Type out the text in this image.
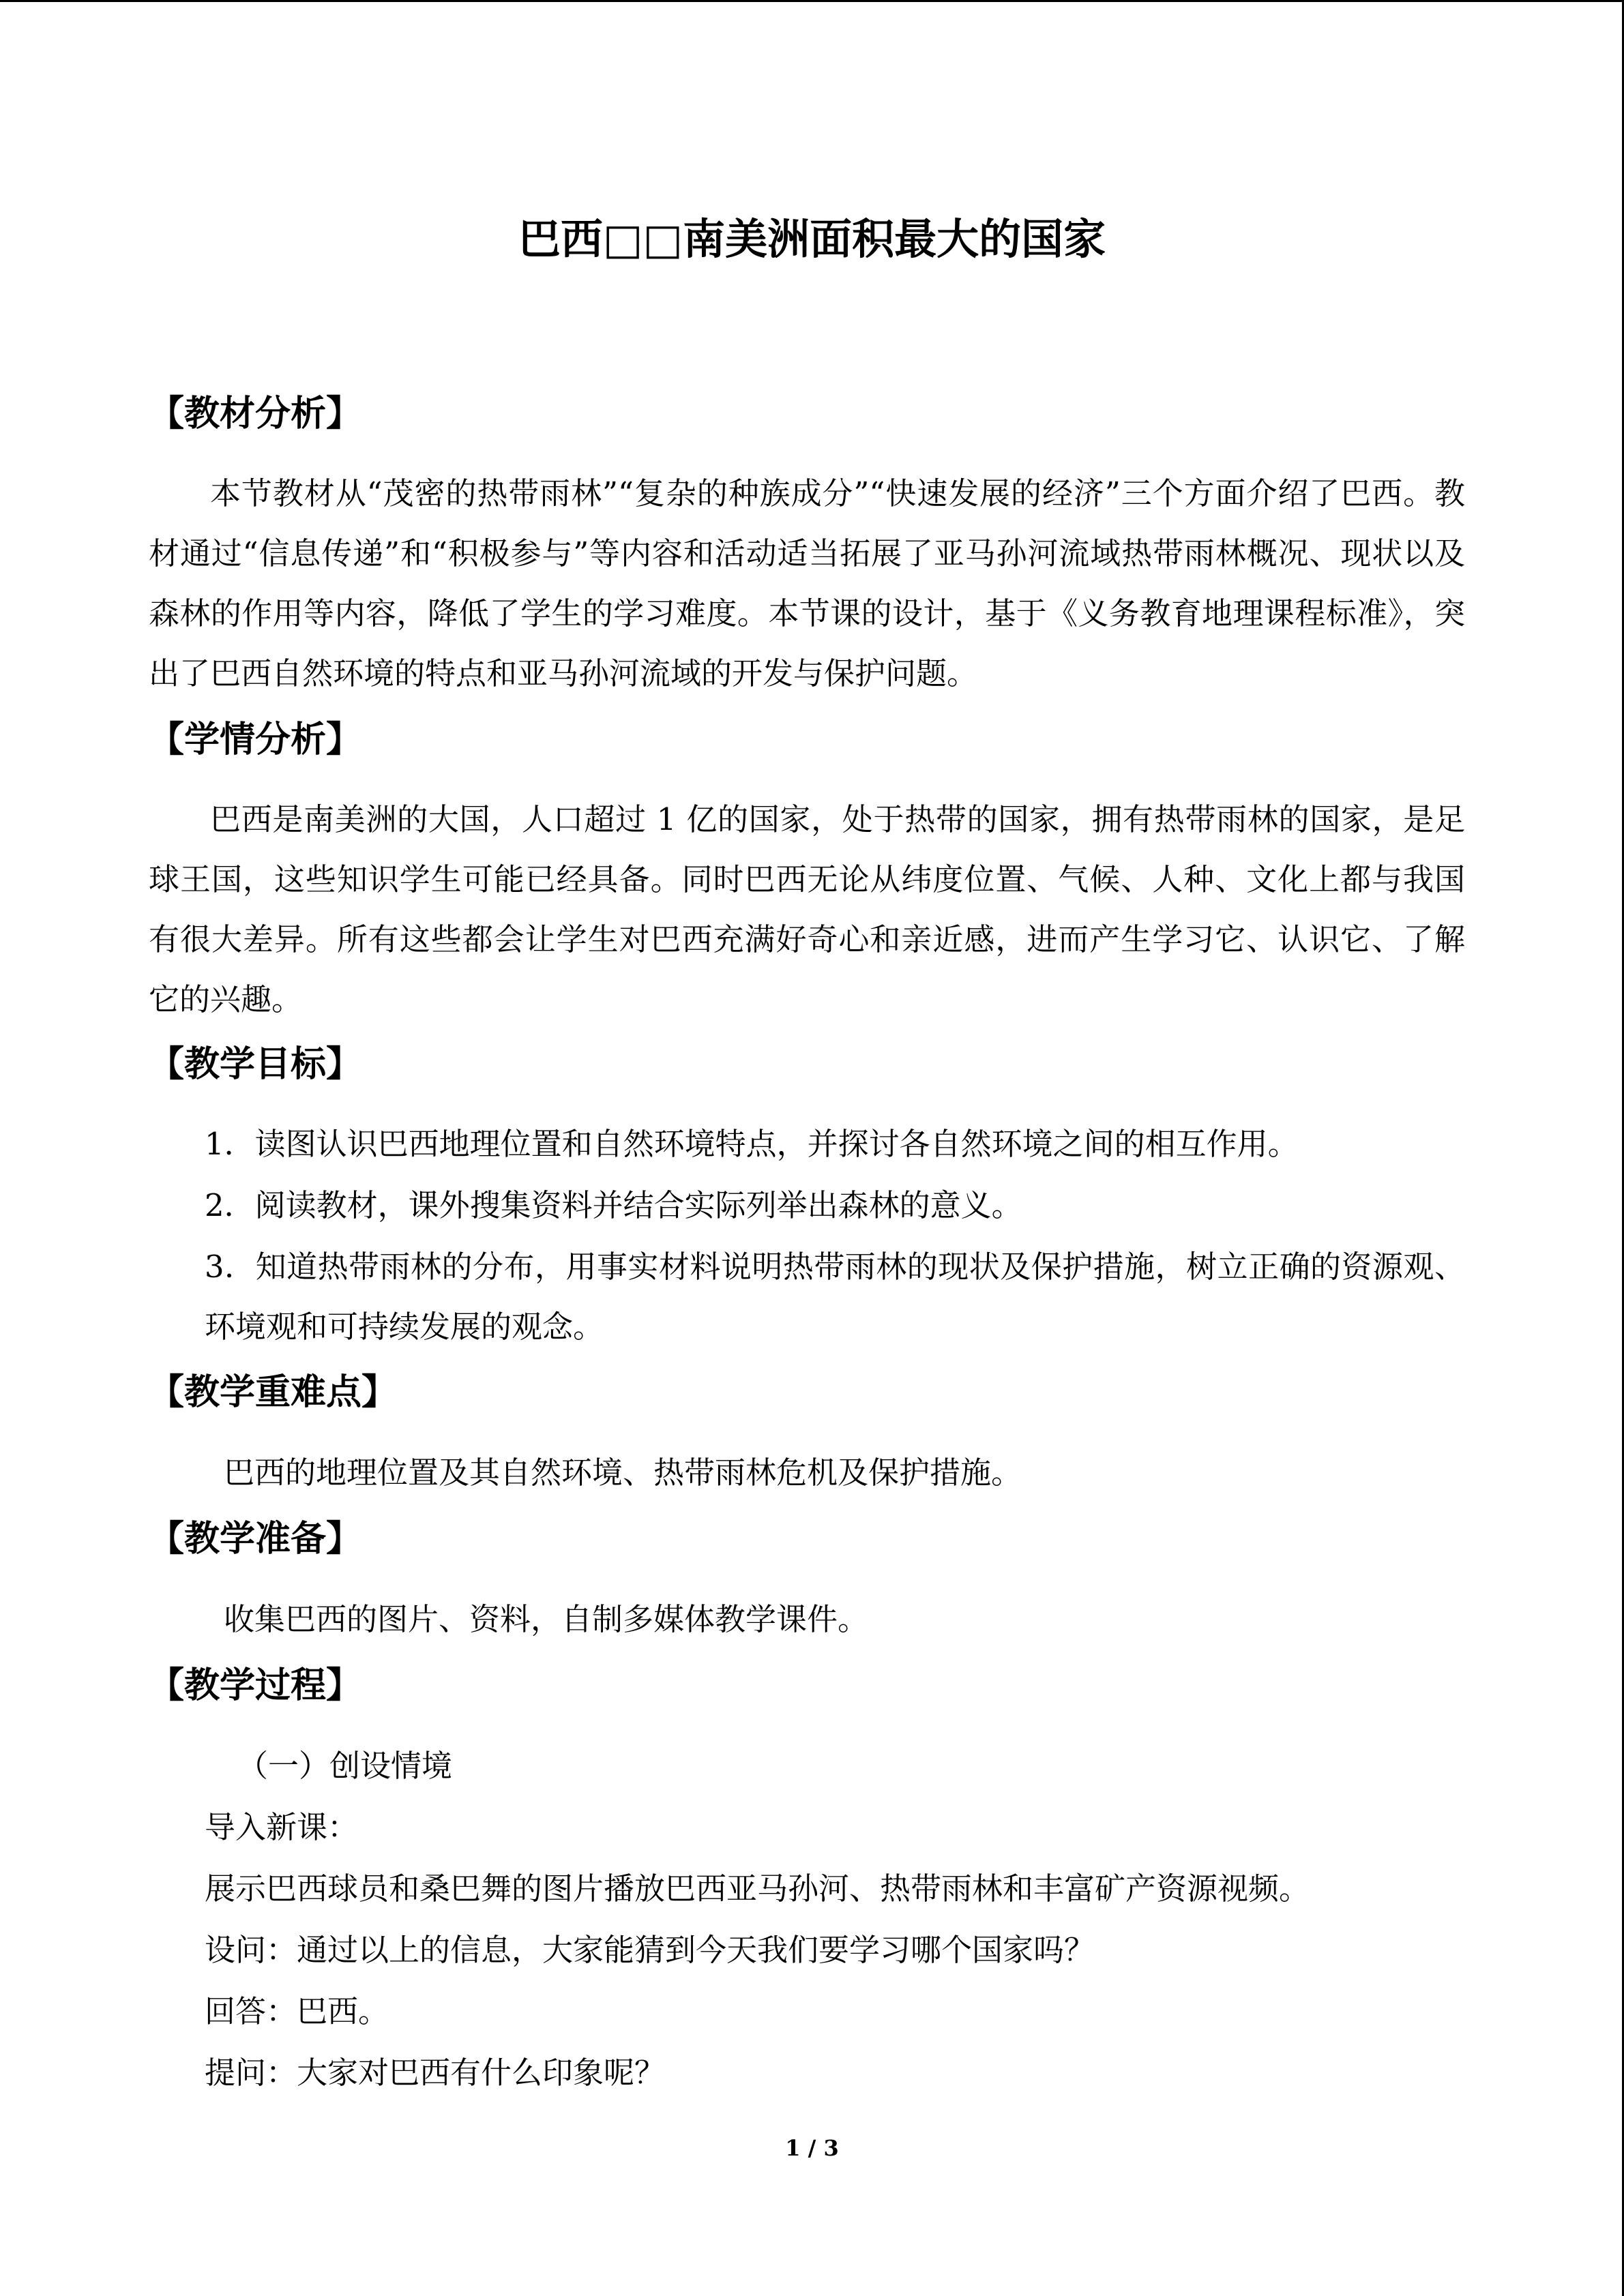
巴西□□南美洲面积最大的国家
【教材分析】
本节教材从“茂密的热带雨林”“复杂的种族成分”“快速发展的经济”三个方面介绍了巴西。教材通过“信息传递”和“积极参与”等内容和活动适当拓展了亚马孙河流域热带雨林概况、现状以及森林的作用等内容，降低了学生的学习难度。本节课的设计，基于《义务教育地理课程标准》，突出了巴西自然环境的特点和亚马孙河流域的开发与保护问题。
【学情分析】
巴西是南美洲的大国，人口超过 1 亿的国家，处于热带的国家，拥有热带雨林的国家，是足球王国，这些知识学生可能已经具备。同时巴西无论从纬度位置、气候、人种、文化上都与我国有很大差异。所有这些都会让学生对巴西充满好奇心和亲近感，进而产生学习它、认识它、了解它的兴趣。
【教学目标】
1．读图认识巴西地理位置和自然环境特点，并探讨各自然环境之间的相互作用。
2．阅读教材，课外搜集资料并结合实际列举出森林的意义。
3．知道热带雨林的分布，用事实材料说明热带雨林的现状及保护措施，树立正确的资源观、环境观和可持续发展的观念。
【教学重难点】
巴西的地理位置及其自然环境、热带雨林危机及保护措施。
【教学准备】
收集巴西的图片、资料，自制多媒体教学课件。
【教学过程】
（一）创设情境
导入新课：
展示巴西球员和桑巴舞的图片播放巴西亚马孙河、热带雨林和丰富矿产资源视频。
设问：通过以上的信息，大家能猜到今天我们要学习哪个国家吗？
回答：巴西。
提问：大家对巴西有什么印象呢？
1 / 3
